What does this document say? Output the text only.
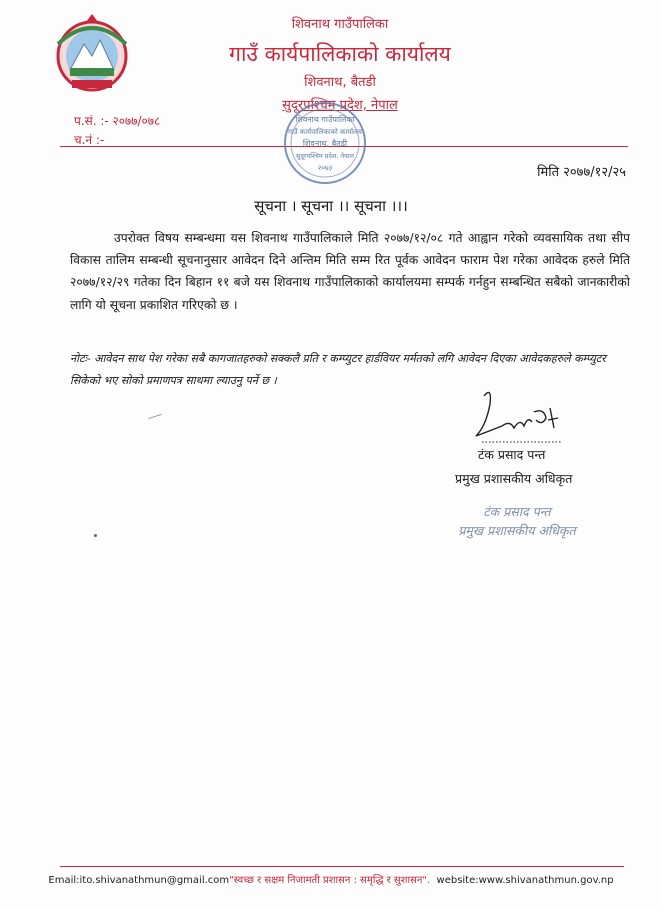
शिवनाथ गाउँपालिका
गाउँ कार्यपालिकाको कार्यालय
शिवनाथ, बैतडी
सुदूरपश्चिम प्रदेश, नेपाल
प.सं. :- २०७७/०७८
च.नं :-
शिवनाथ गाउँपालिका
गाउँ कार्यपालिकाको कार्यालय
शिवनाथ, बैतडी
सुदूरपश्चिम प्रदेश, नेपाल
२०७३	मिति २०७७/१२/२५
सूचना । सूचना ।। सूचना ।।।

उपरोक्त विषय सम्बन्धमा यस शिवनाथ गाउँपालिकाले मिति २०७७/१२/०८ गते आह्वान गरेको व्यवसायिक तथा सीप विकास तालिम सम्बन्धी सूचनानुसार आवेदन दिने अन्तिम मिति सम्म रित पूर्वक आवेदन फाराम पेश गरेका आवेदक हरुले मिति २०७७/१२/२९ गतेका दिन बिहान ११ बजे यस शिवनाथ गाउँपालिकाको कार्यालयमा सम्पर्क गर्नहुन सम्बन्धित सबैको जानकारीको लागि यो सूचना प्रकाशित गरिएको छ ।

नोटः- आवेदन साथ पेश गरेका सबै कागजातहरुको सक्कलै प्रति र कम्प्युटर हार्डवियर मर्मतको लगि आवेदन दिएका आवेदकहरुले कम्प्युटर सिकेको भए सोको प्रमाणपत्र साथमा ल्याउनु पर्ने छ ।

टंक प्रसाद पन्त
प्रमुख प्रशासकीय अधिकृत
टंक प्रसाद पन्त
प्रमुख प्रशासकीय अधिकृत
Email:ito.shivanathmun@gmail.com"स्वच्छ र सक्षम निजामती प्रशासन : समृद्धि र सुशासन". website:www.shivanathmun.gov.np
